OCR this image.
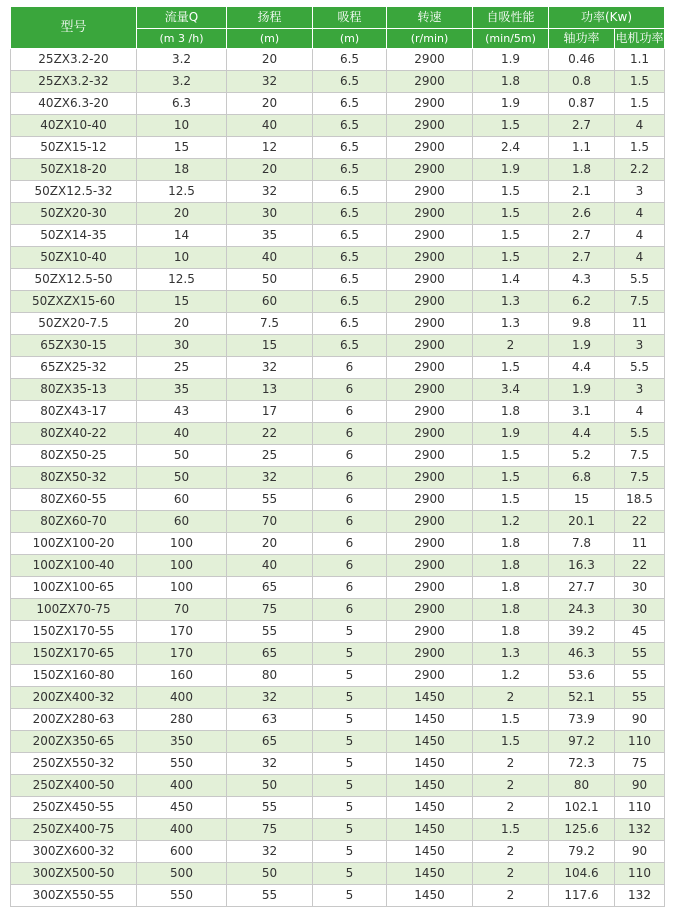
型号	流量Q	扬程	吸程	转速	自吸性能	功率(Kw)	
	(m 3 /h)	(m)	(m)	(r/min)	(min/5m)	轴功率	电机功率
25ZX3.2-20	3.2	20	6.5	2900	1.9	0.46	1.1
25ZX3.2-32	3.2	32	6.5	2900	1.8	0.8	1.5
40ZX6.3-20	6.3	20	6.5	2900	1.9	0.87	1.5
40ZX10-40	10	40	6.5	2900	1.5	2.7	4
50ZX15-12	15	12	6.5	2900	2.4	1.1	1.5
50ZX18-20	18	20	6.5	2900	1.9	1.8	2.2
50ZX12.5-32	12.5	32	6.5	2900	1.5	2.1	3
50ZX20-30	20	30	6.5	2900	1.5	2.6	4
50ZX14-35	14	35	6.5	2900	1.5	2.7	4
50ZX10-40	10	40	6.5	2900	1.5	2.7	4
50ZX12.5-50	12.5	50	6.5	2900	1.4	4.3	5.5
50ZXZX15-60	15	60	6.5	2900	1.3	6.2	7.5
50ZX20-7.5	20	7.5	6.5	2900	1.3	9.8	11
65ZX30-15	30	15	6.5	2900	2	1.9	3
65ZX25-32	25	32	6	2900	1.5	4.4	5.5
80ZX35-13	35	13	6	2900	3.4	1.9	3
80ZX43-17	43	17	6	2900	1.8	3.1	4
80ZX40-22	40	22	6	2900	1.9	4.4	5.5
80ZX50-25	50	25	6	2900	1.5	5.2	7.5
80ZX50-32	50	32	6	2900	1.5	6.8	7.5
80ZX60-55	60	55	6	2900	1.5	15	18.5
80ZX60-70	60	70	6	2900	1.2	20.1	22
100ZX100-20	100	20	6	2900	1.8	7.8	11
100ZX100-40	100	40	6	2900	1.8	16.3	22
100ZX100-65	100	65	6	2900	1.8	27.7	30
100ZX70-75	70	75	6	2900	1.8	24.3	30
150ZX170-55	170	55	5	2900	1.8	39.2	45
150ZX170-65	170	65	5	2900	1.3	46.3	55
150ZX160-80	160	80	5	2900	1.2	53.6	55
200ZX400-32	400	32	5	1450	2	52.1	55
200ZX280-63	280	63	5	1450	1.5	73.9	90
200ZX350-65	350	65	5	1450	1.5	97.2	110
250ZX550-32	550	32	5	1450	2	72.3	75
250ZX400-50	400	50	5	1450	2	80	90
250ZX450-55	450	55	5	1450	2	102.1	110
250ZX400-75	400	75	5	1450	1.5	125.6	132
300ZX600-32	600	32	5	1450	2	79.2	90
300ZX500-50	500	50	5	1450	2	104.6	110
300ZX550-55	550	55	5	1450	2	117.6	132
